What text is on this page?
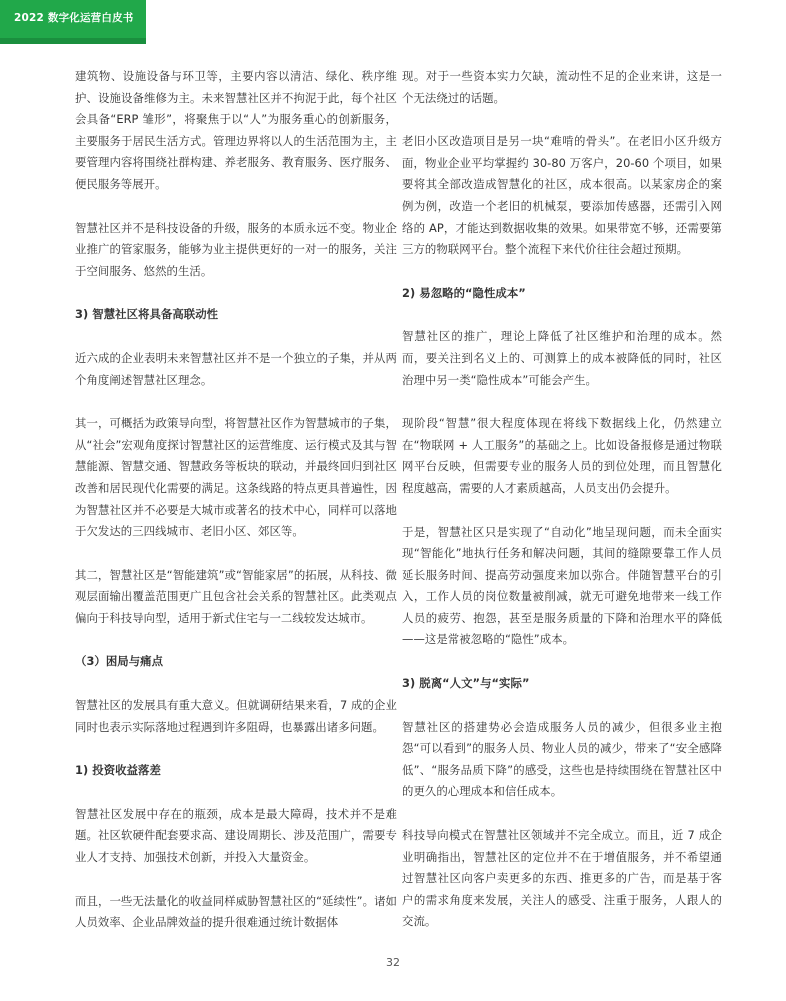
2022 数字化运营白皮书

建筑物、设施设备与环卫等，主要内容以清洁、绿化、秩序维护、设施设备维修为主。未来智慧社区并不拘泥于此，每个社区会具备“ERP 雏形”，将聚焦于以“人”为服务重心的创新服务，主要服务于居民生活方式。管理边界将以人的生活范围为主，主要管理内容将围绕社群构建、养老服务、教育服务、医疗服务、便民服务等展开。

智慧社区并不是科技设备的升级，服务的本质永远不变。物业企业推广的管家服务，能够为业主提供更好的一对一的服务，关注于空间服务、悠然的生活。

3) 智慧社区将具备高联动性

近六成的企业表明未来智慧社区并不是一个独立的子集，并从两个角度阐述智慧社区理念。

其一，可概括为政策导向型，将智慧社区作为智慧城市的子集，从“社会”宏观角度探讨智慧社区的运营维度、运行模式及其与智慧能源、智慧交通、智慧政务等板块的联动，并最终回归到社区改善和居民现代化需要的满足。这条线路的特点更具普遍性，因为智慧社区并不必要是大城市或著名的技术中心，同样可以落地于欠发达的三四线城市、老旧小区、郊区等。

其二，智慧社区是“智能建筑”或“智能家居”的拓展，从科技、微观层面输出覆盖范围更广且包含社会关系的智慧社区。此类观点偏向于科技导向型，适用于新式住宅与一二线较发达城市。

（3）困局与痛点

智慧社区的发展具有重大意义。但就调研结果来看，7 成的企业同时也表示实际落地过程遇到许多阻碍，也暴露出诸多问题。

1) 投资收益落差

智慧社区发展中存在的瓶颈，成本是最大障碍，技术并不是难题。社区软硬件配套要求高、建设周期长、涉及范围广，需要专业人才支持、加强技术创新，并投入大量资金。

而且，一些无法量化的收益同样威胁智慧社区的“延续性”。诸如人员效率、企业品牌效益的提升很难通过统计数据体

现。对于一些资本实力欠缺，流动性不足的企业来讲，这是一个无法绕过的话题。

老旧小区改造项目是另一块“难啃的骨头”。在老旧小区升级方面，物业企业平均掌握约 30-80 万客户，20-60 个项目，如果要将其全部改造成智慧化的社区，成本很高。以某家房企的案例为例，改造一个老旧的机械泵，要添加传感器，还需引入网络的 AP，才能达到数据收集的效果。如果带宽不够，还需要第三方的物联网平台。整个流程下来代价往往会超过预期。

2) 易忽略的“隐性成本”

智慧社区的推广，理论上降低了社区维护和治理的成本。然而，要关注到名义上的、可测算上的成本被降低的同时，社区治理中另一类“隐性成本”可能会产生。

现阶段“智慧”很大程度体现在将线下数据线上化，仍然建立在“物联网 + 人工服务”的基础之上。比如设备报修是通过物联网平台反映，但需要专业的服务人员的到位处理，而且智慧化程度越高，需要的人才素质越高，人员支出仍会提升。

于是，智慧社区只是实现了“自动化”地呈现问题，而未全面实现“智能化”地执行任务和解决问题，其间的缝隙要靠工作人员延长服务时间、提高劳动强度来加以弥合。伴随智慧平台的引入，工作人员的岗位数量被削减，就无可避免地带来一线工作人员的疲劳、抱怨，甚至是服务质量的下降和治理水平的降低——这是常被忽略的“隐性”成本。

3) 脱离“人文”与“实际”

智慧社区的搭建势必会造成服务人员的减少，但很多业主抱怨“可以看到”的服务人员、物业人员的减少，带来了“安全感降低”、“服务品质下降”的感受，这些也是持续围绕在智慧社区中的更久的心理成本和信任成本。

科技导向模式在智慧社区领域并不完全成立。而且，近 7 成企业明确指出，智慧社区的定位并不在于增值服务，并不希望通过智慧社区向客户卖更多的东西、推更多的广告，而是基于客户的需求角度来发展，关注人的感受、注重于服务，人跟人的交流。

32
